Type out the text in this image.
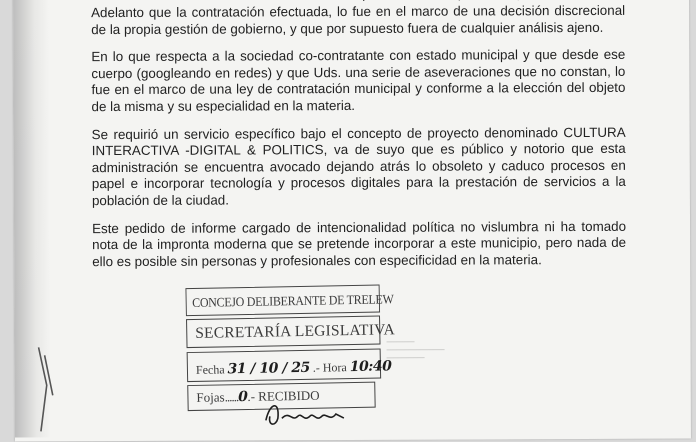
Adelanto que la contratación efectuada, lo fue en el marco de una decisión discrecional de la propia gestión de gobierno, y que por supuesto fuera de cualquier análisis ajeno.

En lo que respecta a la sociedad co-contratante con estado municipal y que desde ese cuerpo (googleando en redes) y que Uds. una serie de aseveraciones que no constan, lo fue en el marco de una ley de contratación municipal y conforme a la elección del objeto de la misma y su especialidad en la materia.

Se requirió un servicio específico bajo el concepto de proyecto denominado CULTURA INTERACTIVA -DIGITAL & POLITICS, va de suyo que es público y notorio que esta administración se encuentra avocado dejando atrás lo obsoleto y caduco procesos en papel e incorporar tecnología y procesos digitales para la prestación de servicios a la población de la ciudad.

Este pedido de informe cargado de intencionalidad política no vislumbra ni ha tomado nota de la impronta moderna que se pretende incorporar a este municipio, pero nada de ello es posible sin personas y profesionales con especificidad en la materia.

CONCEJO DELIBERANTE DE TRELEW
SECRETARÍA LEGISLATIVA
Fecha 31 / 10 / 25 .- Hora 10:40
Fojas......0.- RECIBIDO
